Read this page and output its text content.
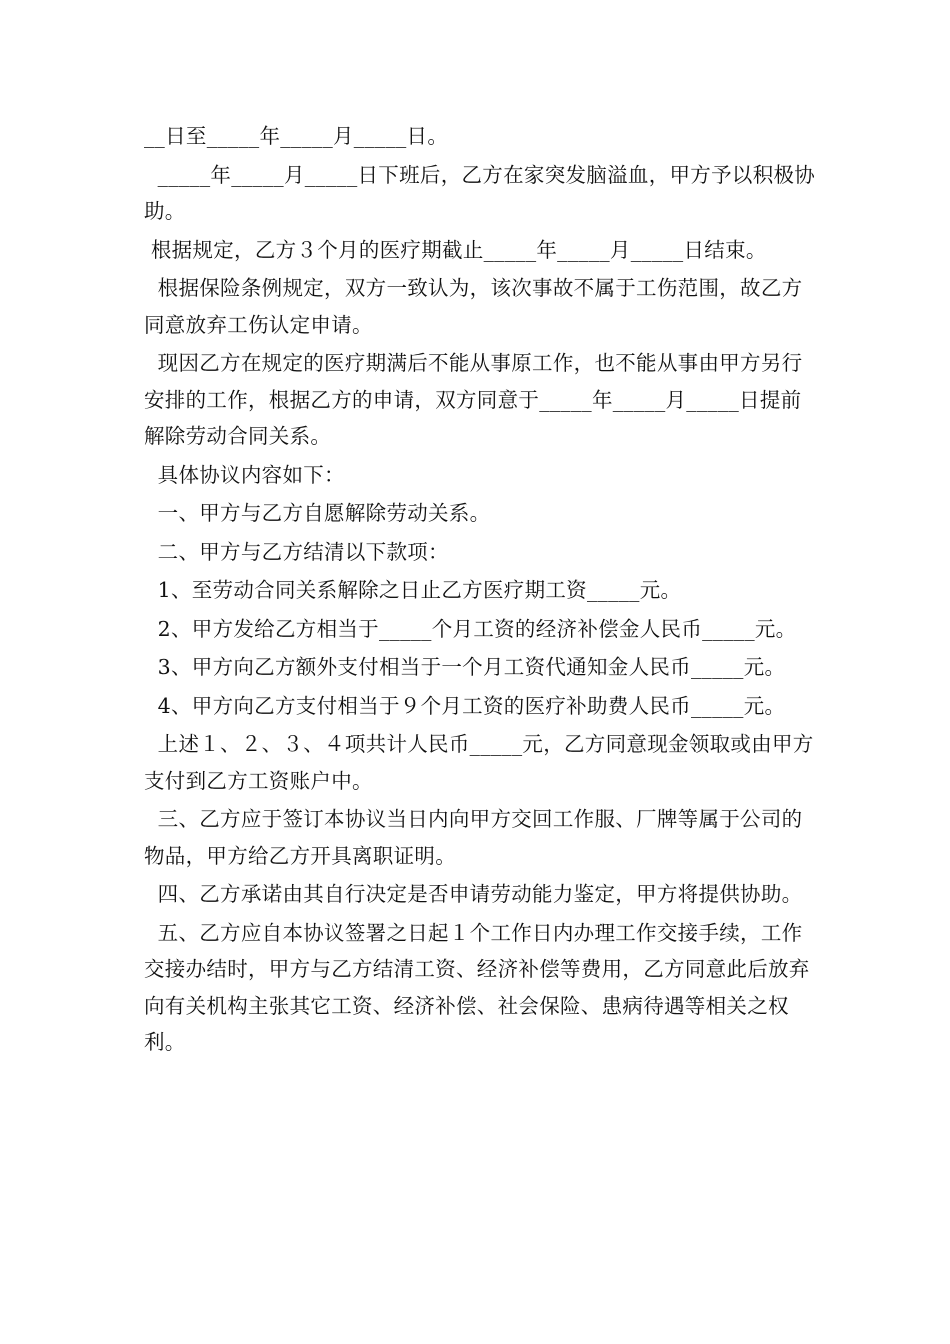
__日至_____年_____月_____日。

_____年_____月_____日下班后，乙方在家突发脑溢血，甲方予以积极协助。

根据规定，乙方３个月的医疗期截止_____年_____月_____日结束。

根据保险条例规定，双方一致认为，该次事故不属于工伤范围，故乙方同意放弃工伤认定申请。

现因乙方在规定的医疗期满后不能从事原工作，也不能从事由甲方另行安排的工作，根据乙方的申请，双方同意于_____年_____月_____日提前解除劳动合同关系。

具体协议内容如下：

一、甲方与乙方自愿解除劳动关系。

二、甲方与乙方结清以下款项：

1、至劳动合同关系解除之日止乙方医疗期工资_____元。

2、甲方发给乙方相当于_____个月工资的经济补偿金人民币_____元。

3、甲方向乙方额外支付相当于一个月工资代通知金人民币_____元。

4、甲方向乙方支付相当于９个月工资的医疗补助费人民币_____元。

上述１、２、３、４项共计人民币_____元，乙方同意现金领取或由甲方支付到乙方工资账户中。

三、乙方应于签订本协议当日内向甲方交回工作服、厂牌等属于公司的物品，甲方给乙方开具离职证明。

四、乙方承诺由其自行决定是否申请劳动能力鉴定，甲方将提供协助。

五、乙方应自本协议签署之日起１个工作日内办理工作交接手续，工作交接办结时，甲方与乙方结清工资、经济补偿等费用，乙方同意此后放弃向有关机构主张其它工资、经济补偿、社会保险、患病待遇等相关之权利。
